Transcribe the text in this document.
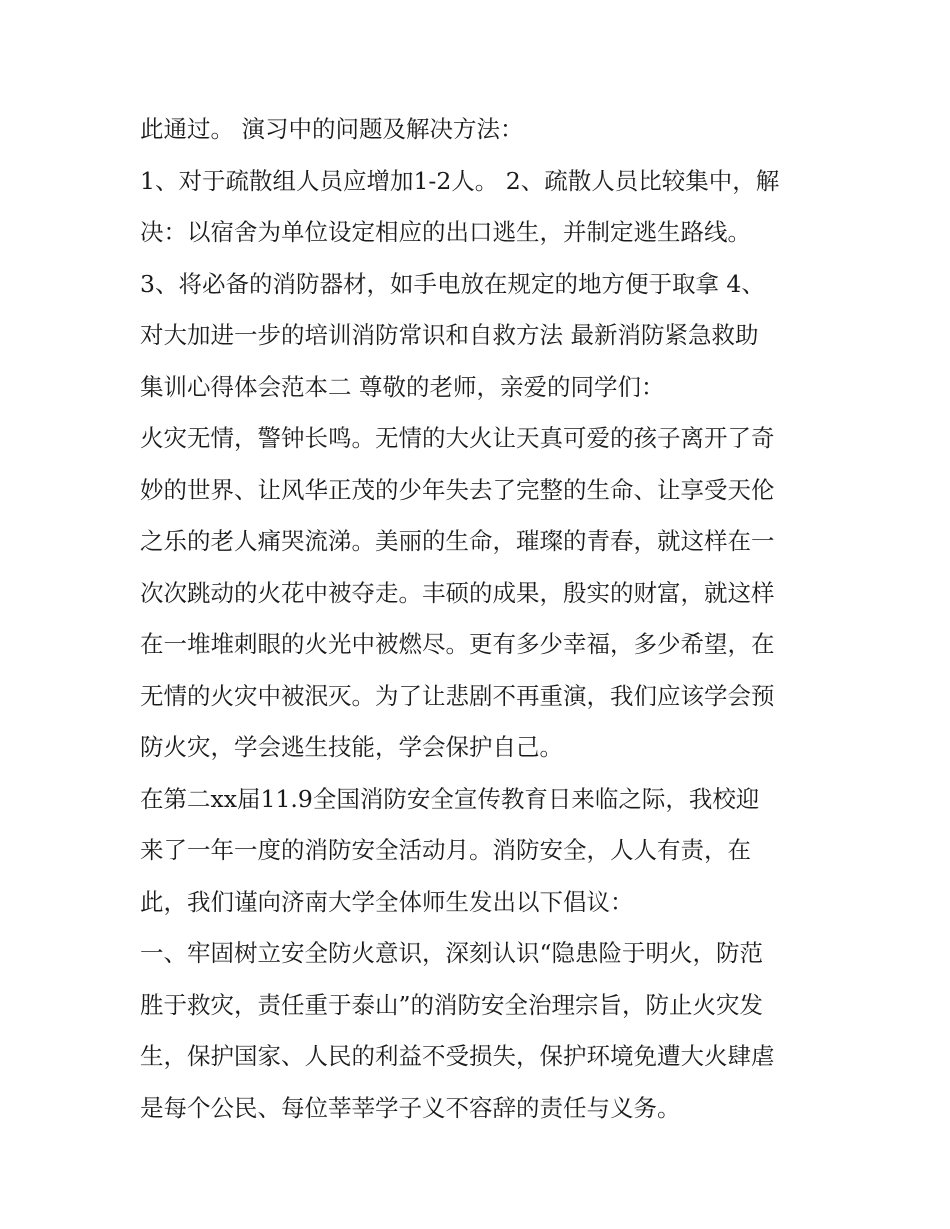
此通过。 演习中的问题及解决方法：
1、对于疏散组人员应增加1-2人。 2、疏散人员比较集中，解
决：以宿舍为单位设定相应的出口逃生，并制定逃生路线。
3、将必备的消防器材，如手电放在规定的地方便于取拿 4、
对大加进一步的培训消防常识和自救方法 最新消防紧急救助
集训心得体会范本二 尊敬的老师，亲爱的同学们：
火灾无情，警钟长鸣。无情的大火让天真可爱的孩子离开了奇
妙的世界、让风华正茂的少年失去了完整的生命、让享受天伦
之乐的老人痛哭流涕。美丽的生命，璀璨的青春，就这样在一
次次跳动的火花中被夺走。丰硕的成果，殷实的财富，就这样
在一堆堆刺眼的火光中被燃尽。更有多少幸福，多少希望，在
无情的火灾中被泯灭。为了让悲剧不再重演，我们应该学会预
防火灾，学会逃生技能，学会保护自己。
在第二xx届11.9全国消防安全宣传教育日来临之际，我校迎
来了一年一度的消防安全活动月。消防安全，人人有责，在
此，我们谨向济南大学全体师生发出以下倡议：
一、牢固树立安全防火意识，深刻认识“隐患险于明火，防范
胜于救灾，责任重于泰山”的消防安全治理宗旨，防止火灾发
生，保护国家、人民的利益不受损失，保护环境免遭大火肆虐
是每个公民、每位莘莘学子义不容辞的责任与义务。
